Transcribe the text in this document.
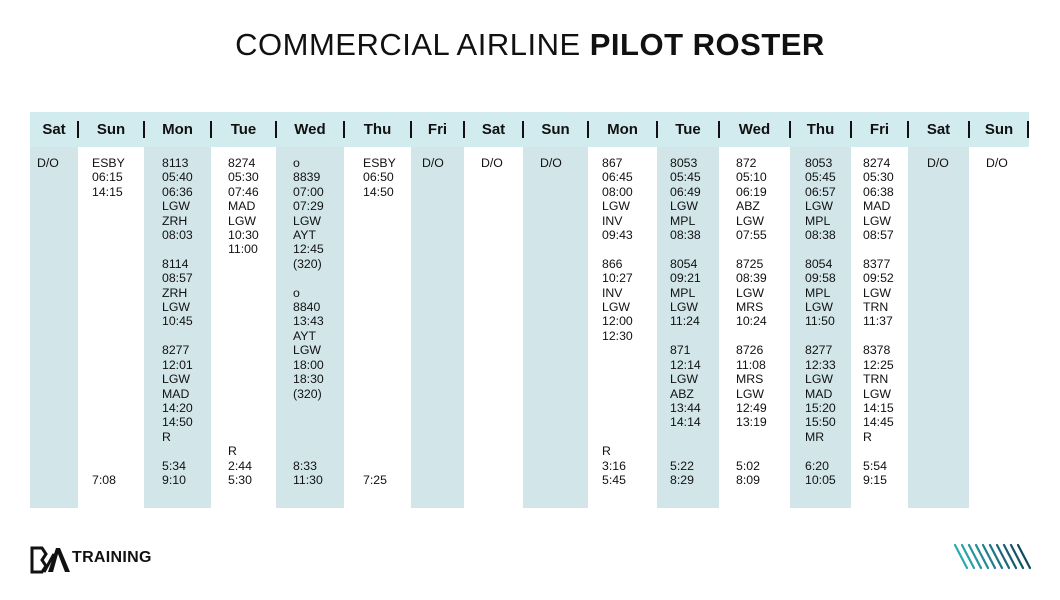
COMMERCIAL AIRLINE PILOT ROSTER
Sat
D/O
Sun
ESBY
06:15
14:15

7:08
Mon
8113
05:40
06:36
LGW
ZRH
08:03

8114
08:57
ZRH
LGW
10:45

8277
12:01
LGW
MAD
14:20
14:50
R
5:34
9:10
Tue
8274
05:30
07:46
MAD
LGW
10:30
11:00

R
2:44
5:30
Wed
o
8839
07:00
07:29
LGW
AYT
12:45
(320)

o
8840
13:43
AYT
LGW
18:00
18:30
(320)
8:33
11:30
Thu
ESBY
06:50
14:50

7:25
Fri
D/O
Sat
D/O
Sun
D/O
Mon
867
06:45
08:00
LGW
INV
09:43

866
10:27
INV
LGW
12:00
12:30

R
3:16
5:45
Tue
8053
05:45
06:49
LGW
MPL
08:38

8054
09:21
MPL
LGW
11:24

871
12:14
LGW
ABZ
13:44
14:14
5:22
8:29
Wed
872
05:10
06:19
ABZ
LGW
07:55

8725
08:39
LGW
MRS
10:24

8726
11:08
MRS
LGW
12:49
13:19
5:02
8:09
Thu
8053
05:45
06:57
LGW
MPL
08:38

8054
09:58
MPL
LGW
11:50

8277
12:33
LGW
MAD
15:20
15:50
MR
6:20
10:05
Fri
8274
05:30
06:38
MAD
LGW
08:57

8377
09:52
LGW
TRN
11:37

8378
12:25
TRN
LGW
14:15
14:45
R
5:54
9:15
Sat
D/O
Sun
D/O
TRAINING
